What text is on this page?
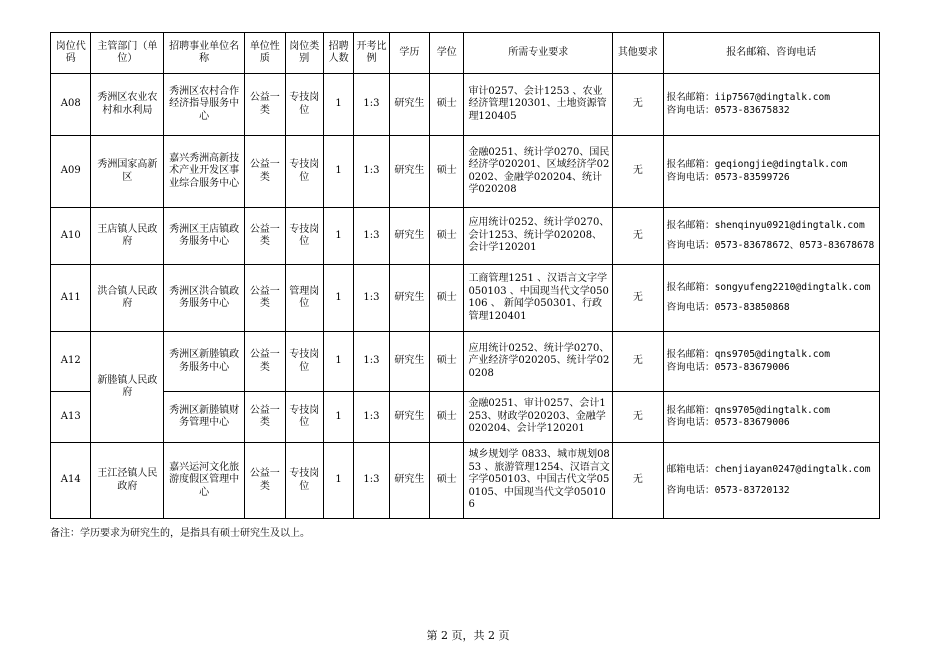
岗位代码	主管部门（单位）	招聘事业单位名称	单位性质	岗位类别	招聘人数	开考比例	学历	学位	所需专业要求	其他要求	报名邮箱、咨询电话
A08	秀洲区农业农村和水利局	秀洲区农村合作经济指导服务中心	公益一类	专技岗位	1	1:3	研究生	硕士	审计0257、会计1253 、农业经济管理120301、土地资源管理120405	无	报名邮箱：iip7567@dingtalk.com
咨询电话：0573-83675832

A09	秀洲国家高新区	嘉兴秀洲高新技术产业开发区事业综合服务中心	公益一类	专技岗位	1	1:3	研究生	硕士	金融0251、统计学0270、国民经济学020201、区域经济学020202、金融学020204、统计学020208	无	报名邮箱：geqiongjie@dingtalk.com
咨询电话：0573-83599726

A10	王店镇人民政府	秀洲区王店镇政务服务中心	公益一类	专技岗位	1	1:3	研究生	硕士	应用统计0252、统计学0270、会计1253、统计学020208、会计学120201	无	报名邮箱：shenqinyu0921@dingtalk.com
咨询电话：0573-83678672、0573-83678678

A11	洪合镇人民政府	秀洲区洪合镇政务服务中心	公益一类	管理岗位	1	1:3	研究生	硕士	工商管理1251 、汉语言文字学 050103 、中国现当代文学050106 、 新闻学050301、行政管理120401	无	报名邮箱：songyufeng2210@dingtalk.com
咨询电话：0573-83850868

A12	新塍镇人民政府	秀洲区新塍镇政务服务中心	公益一类	专技岗位	1	1:3	研究生	硕士	应用统计0252、统计学0270、产业经济学020205、统计学020208	无	报名邮箱：qns9705@dingtalk.com
咨询电话：0573-83679006

A13		秀洲区新塍镇财务管理中心	公益一类	专技岗位	1	1:3	研究生	硕士	金融0251、审计0257、会计1253、财政学020203、金融学020204、会计学120201	无	报名邮箱：qns9705@dingtalk.com
咨询电话：0573-83679006

A14	王江泾镇人民政府	嘉兴运河文化旅游度假区管理中心	公益一类	专技岗位	1	1:3	研究生	硕士	城乡规划学 0833、城市规划0853 、旅游管理1254、汉语言文字学050103、中国古代文学050105、中国现当代文学050106	无	邮箱电话：chenjiayan0247@dingtalk.com
咨询电话：0573-83720132
备注：学历要求为研究生的，是指具有硕士研究生及以上。
第 2 页，共 2 页
